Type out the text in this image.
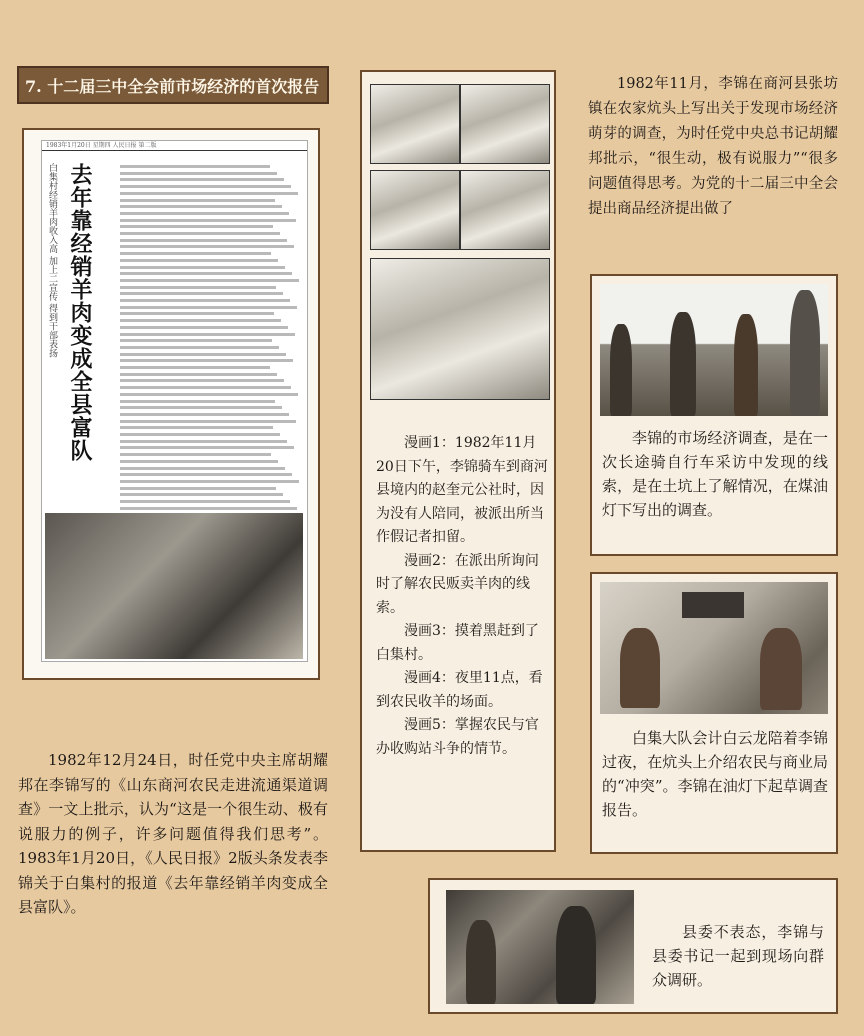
7. 十二届三中全会前市场经济的首次报告
1983年1月20日 星期四 人民日报 第二版
白集村经销羊肉收入高 加上二宣传 得到干部表扬 去年靠经销羊肉变成全县富队	漫画1：1982年11月20日下午，李锦骑车到商河县境内的赵奎元公社时，因为没有人陪同，被派出所当作假记者扣留。

漫画2：在派出所询问时了解农民贩卖羊肉的线索。

漫画3：摸着黑赶到了白集村。

漫画4：夜里11点，看到农民收羊的场面。

漫画5：掌握农民与官办收购站斗争的情节。

1982年11月，李锦在商河县张坊镇在农家炕头上写出关于发现市场经济萌芽的调查，为时任党中央总书记胡耀邦批示，“很生动，极有说服力”“很多问题值得思考。为党的十二届三中全会提出商品经济提出做了
李锦的市场经济调查，是在一次长途骑自行车采访中发现的线索，是在土坑上了解情况，在煤油灯下写出的调查。
白集大队会计白云龙陪着李锦过夜，在炕头上介绍农民与商业局的“冲突”。李锦在油灯下起草调查报告。
1982年12月24日，时任党中央主席胡耀邦在李锦写的《山东商河农民走进流通渠道调查》一文上批示，认为“这是一个很生动、极有说服力的例子，许多问题值得我们思考”。1983年1月20日，《人民日报》2版头条发表李锦关于白集村的报道《去年靠经销羊肉变成全县富队》。
县委不表态，李锦与县委书记一起到现场向群众调研。
